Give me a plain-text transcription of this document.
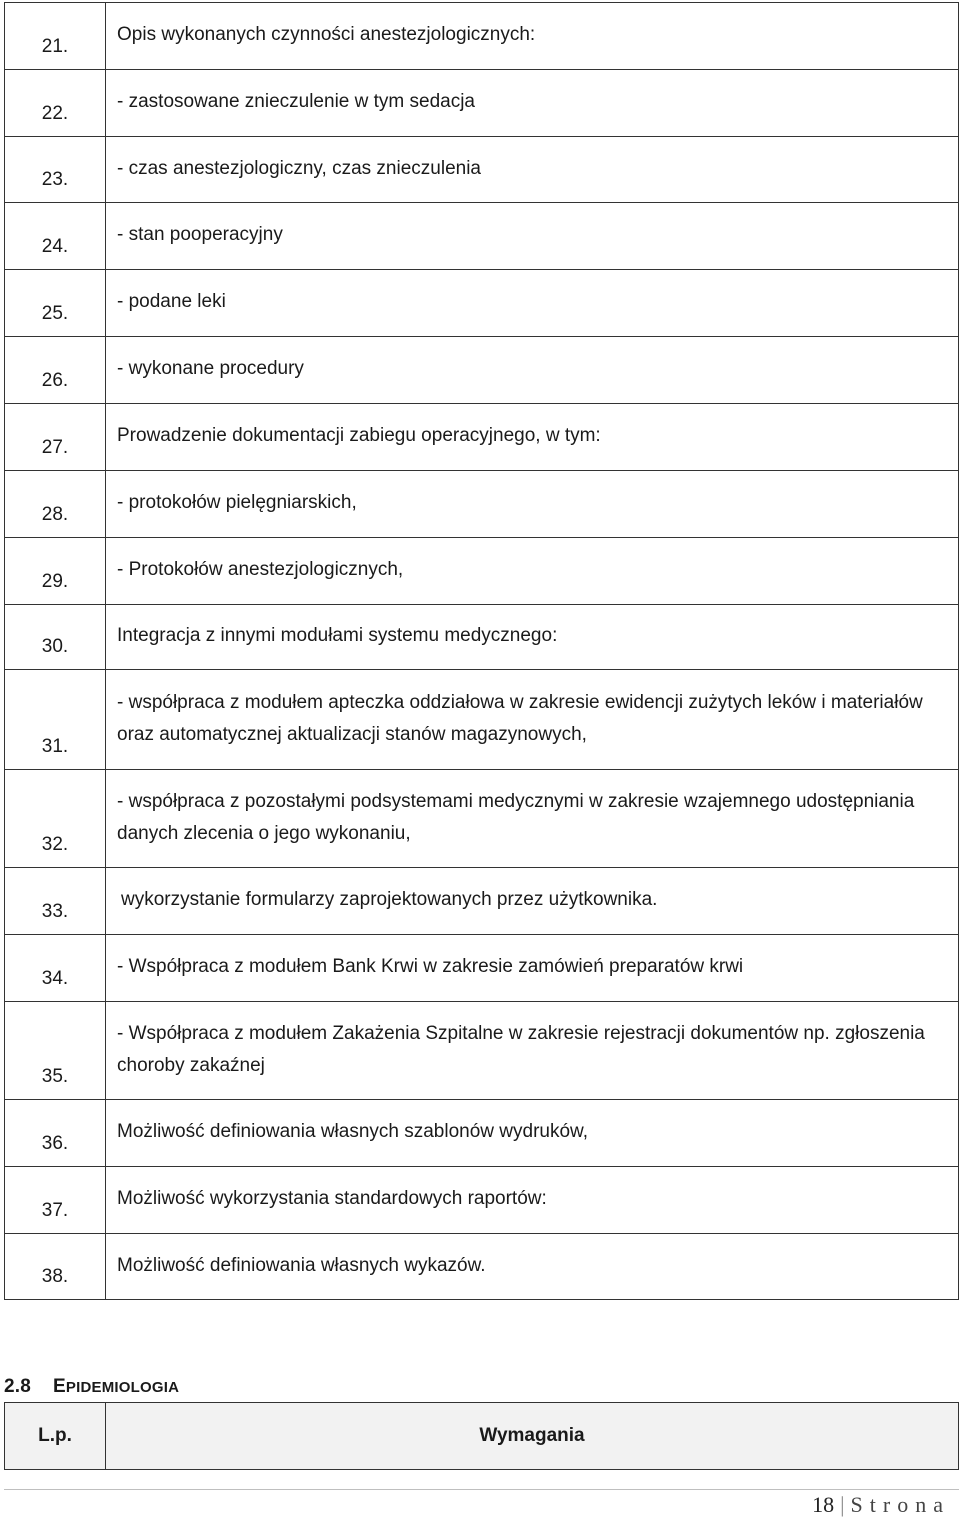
21.	Opis wykonanych czynności anestezjologicznych:
22.	- zastosowane znieczulenie w tym sedacja
23.	- czas anestezjologiczny, czas znieczulenia
24.	- stan pooperacyjny
25.	- podane leki
26.	- wykonane procedury
27.	Prowadzenie dokumentacji zabiegu operacyjnego, w tym:
28.	- protokołów pielęgniarskich,
29.	- Protokołów anestezjologicznych,
30.	Integracja z innymi modułami systemu medycznego:
31.	- współpraca z modułem apteczka oddziałowa w zakresie ewidencji zużytych leków i materiałów oraz automatycznej aktualizacji stanów magazynowych,
32.	- współpraca z pozostałymi podsystemami medycznymi w zakresie wzajemnego udostępniania danych zlecenia o jego wykonaniu,
33.	wykorzystanie formularzy zaprojektowanych przez użytkownika.
34.	- Współpraca z modułem Bank Krwi w zakresie zamówień preparatów krwi
35.	- Współpraca z modułem Zakażenia Szpitalne w zakresie rejestracji dokumentów np. zgłoszenia choroby zakaźnej
36.	Możliwość definiowania własnych szablonów wydruków,
37.	Możliwość wykorzystania standardowych raportów:
38.	Możliwość definiowania własnych wykazów.
2.8 EPIDEMIOLOGIA
L.p.	Wymagania
18 | Strona
